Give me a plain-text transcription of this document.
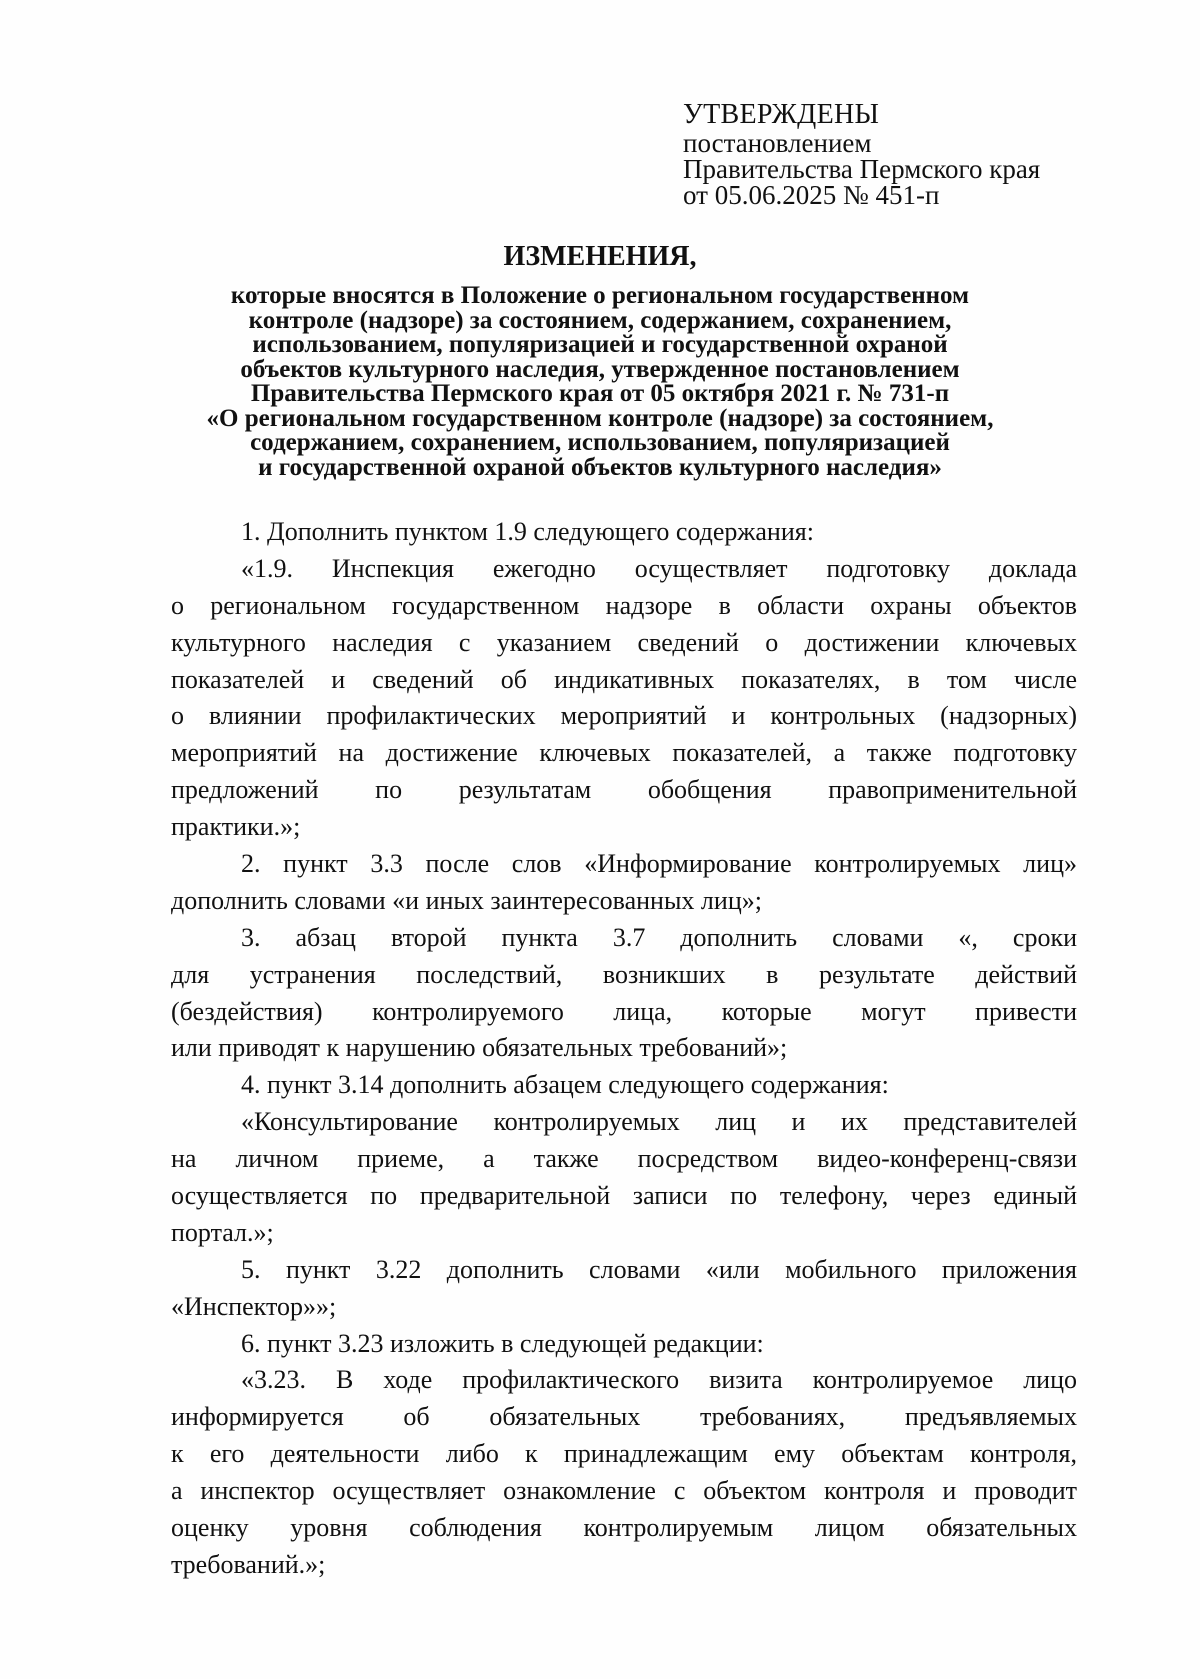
УТВЕРЖДЕНЫ
постановлением
Правительства Пермского края
от 05.06.2025 № 451-п
ИЗМЕНЕНИЯ,
которые вносятся в Положение о региональном государственном
контроле (надзоре) за состоянием, содержанием, сохранением,
использованием, популяризацией и государственной охраной
объектов культурного наследия, утвержденное постановлением
Правительства Пермского края от 05 октября 2021 г. № 731-п
«О региональном государственном контроле (надзоре) за состоянием,
содержанием, сохранением, использованием, популяризацией
и государственной охраной объектов культурного наследия»
1. Дополнить пунктом 1.9 следующего содержания:
«1.9. Инспекция ежегодно осуществляет подготовку доклада
о региональном государственном надзоре в области охраны объектов
культурного наследия с указанием сведений о достижении ключевых
показателей и сведений об индикативных показателях, в том числе
о влиянии профилактических мероприятий и контрольных (надзорных)
мероприятий на достижение ключевых показателей, а также подготовку
предложений по результатам обобщения правоприменительной
практики.»;
2. пункт 3.3 после слов «Информирование контролируемых лиц»
дополнить словами «и иных заинтересованных лиц»;
3. абзац второй пункта 3.7 дополнить словами «, сроки
для устранения последствий, возникших в результате действий
(бездействия) контролируемого лица, которые могут привести
или приводят к нарушению обязательных требований»;
4. пункт 3.14 дополнить абзацем следующего содержания:
«Консультирование контролируемых лиц и их представителей
на личном приеме, а также посредством видео-конференц-связи
осуществляется по предварительной записи по телефону, через единый
портал.»;
5. пункт 3.22 дополнить словами «или мобильного приложения
«Инспектор»»;
6. пункт 3.23 изложить в следующей редакции:
«3.23. В ходе профилактического визита контролируемое лицо
информируется об обязательных требованиях, предъявляемых
к его деятельности либо к принадлежащим ему объектам контроля,
а инспектор осуществляет ознакомление с объектом контроля и проводит
оценку уровня соблюдения контролируемым лицом обязательных
требований.»;
